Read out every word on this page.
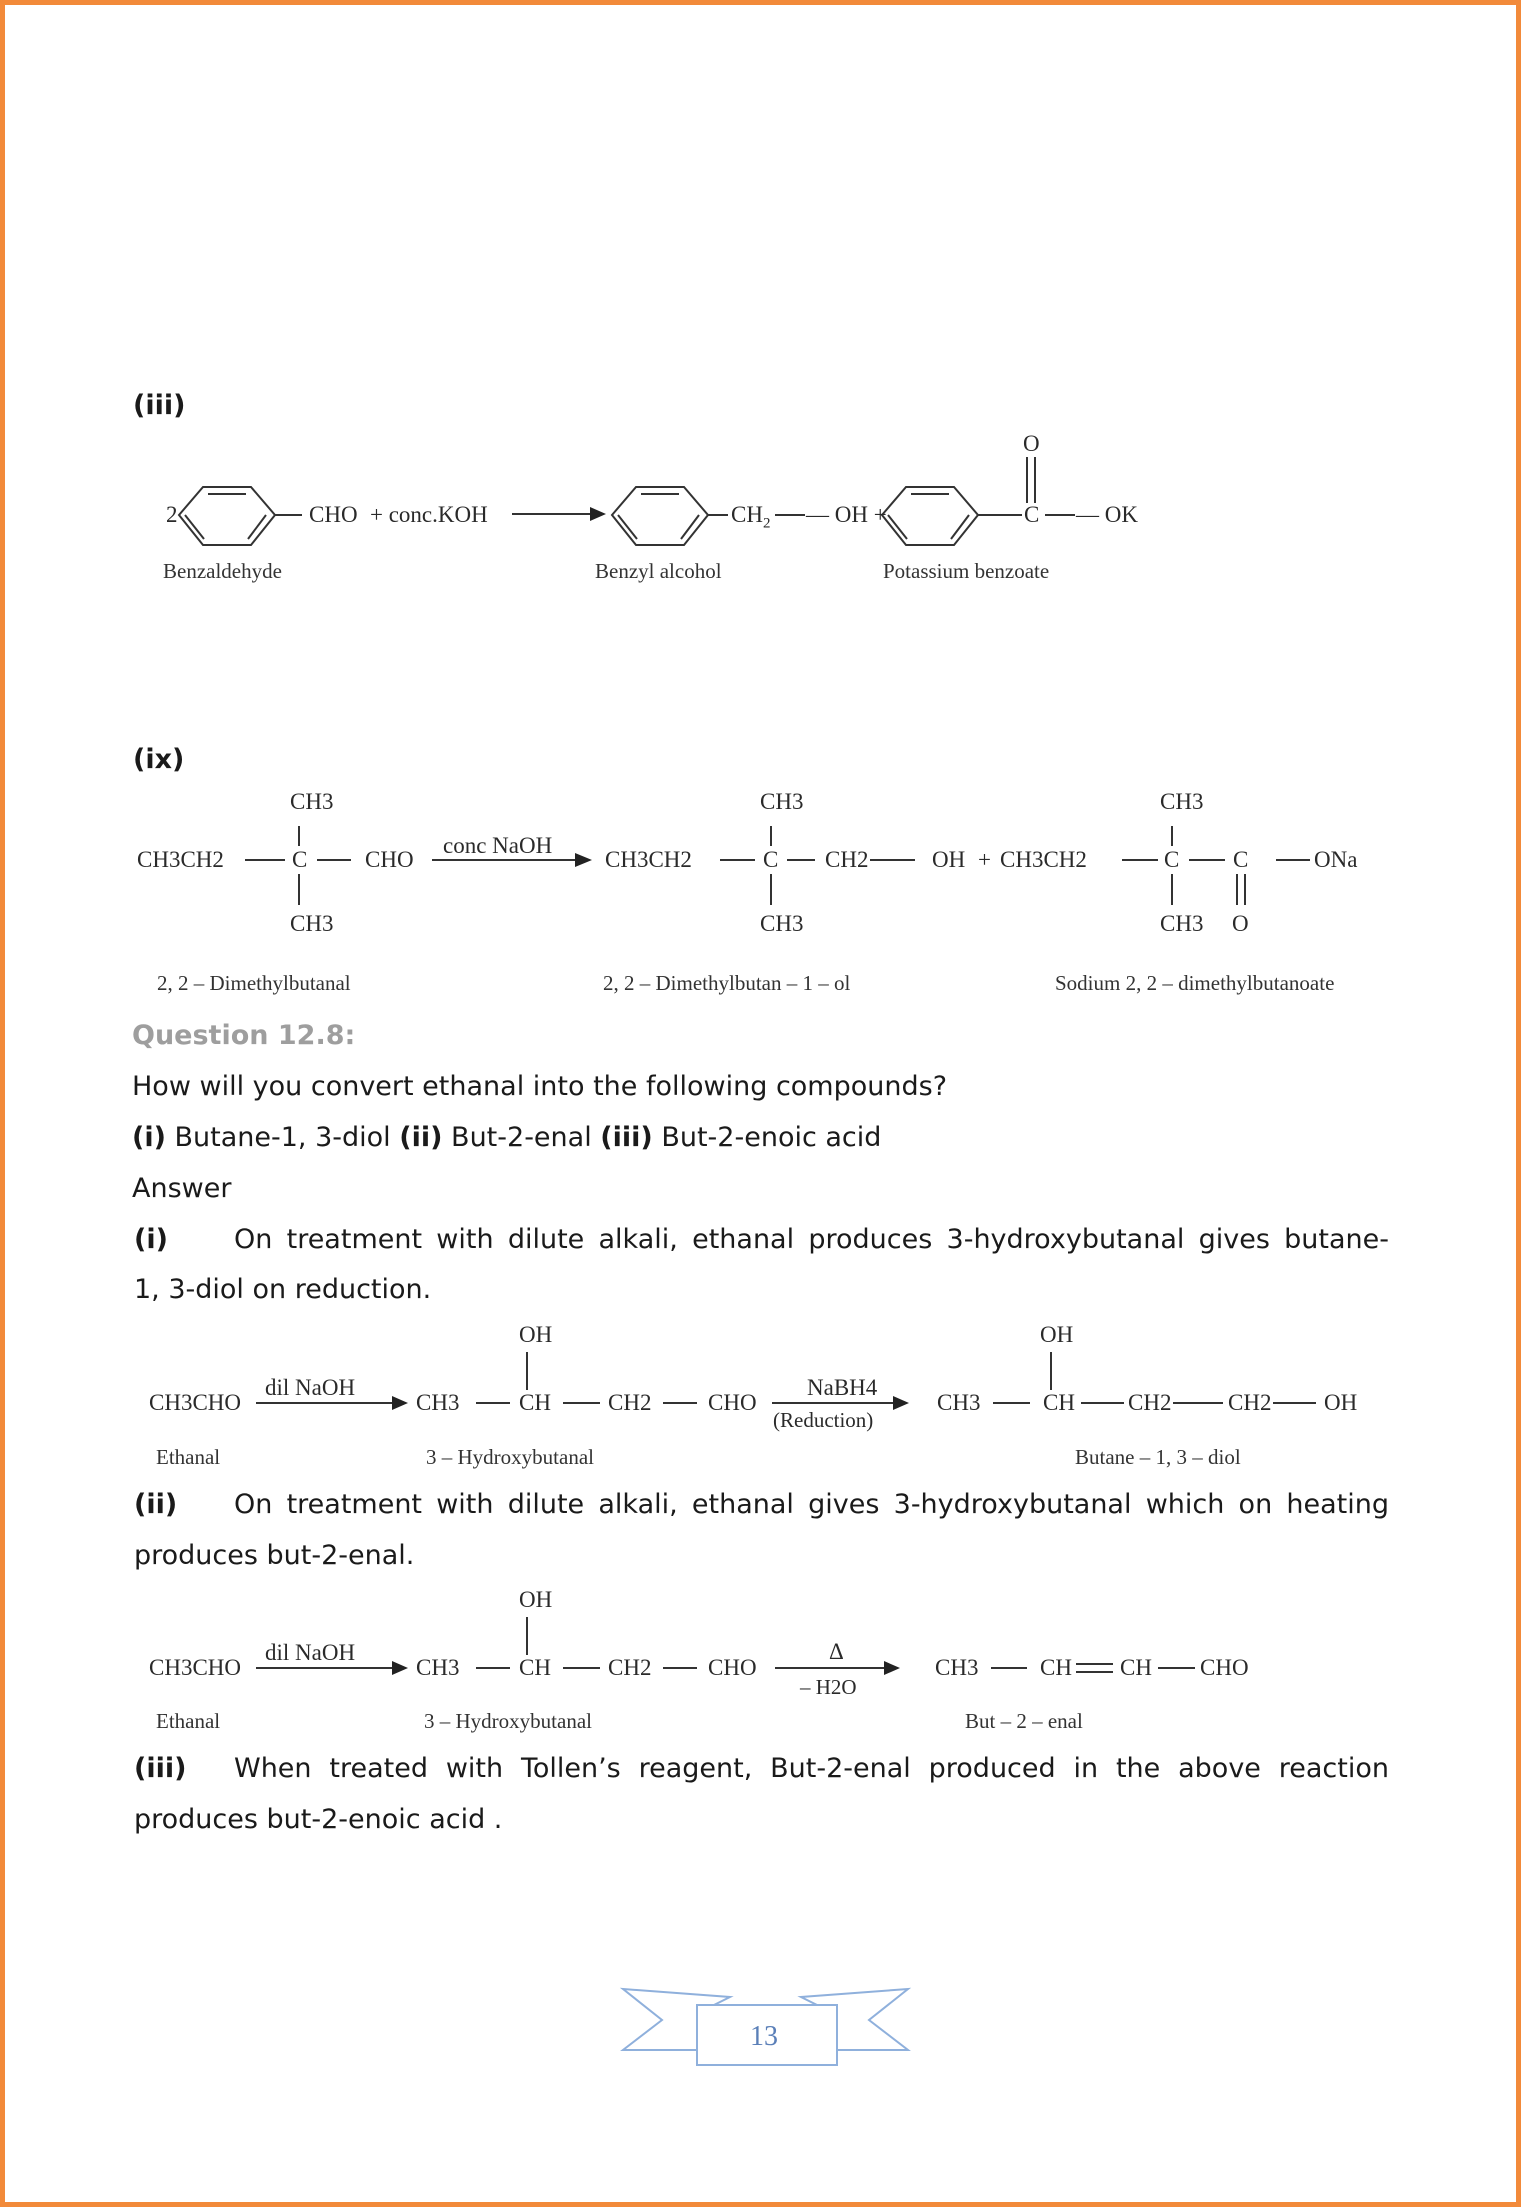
(iii)
2	CHO + conc.KOH	$CH_2$ — OH +
O
C — OK
Benzaldehyde	Benzyl alcohol	Potassium benzoate
(ix)
CH3
CH3CH2	C	CHO
CH3
conc NaOH
CH3
CH3CH2	C CH2	OH
CH3
+
CH3
CH3CH2	C C	ONa
CH3 O
2, 2 – Dimethylbutanal	2, 2 – Dimethylbutan – 1 – ol	Sodium 2, 2 – dimethylbutanoate
Question 12.8:
How will you convert ethanal into the following compounds?
(i) Butane-1, 3-diol (ii) But-2-enal (iii) But-2-enoic acid
Answer
(i) On treatment with dilute alkali, ethanal produces 3-hydroxybutanal gives butane-
1, 3-diol on reduction.
OH
CH3CHO
dil NaOH
CH3	CH CH2 CHO
NaBH4
(Reduction)
OH
CH3	CH CH2 CH2 OH
Ethanal	3 – Hydroxybutanal	Butane – 1, 3 – diol
(ii) On treatment with dilute alkali, ethanal gives 3-hydroxybutanal which on heating
produces but-2-enal.
OH
CH3CHO
dil NaOH
CH3	CH CH2 CHO
Δ
– H2O
CH3	CH CH CHO
Ethanal	3 – Hydroxybutanal	But – 2 – enal
(iii) When treated with Tollen’s reagent, But-2-enal produced in the above reaction
produces but-2-enoic acid .
13
